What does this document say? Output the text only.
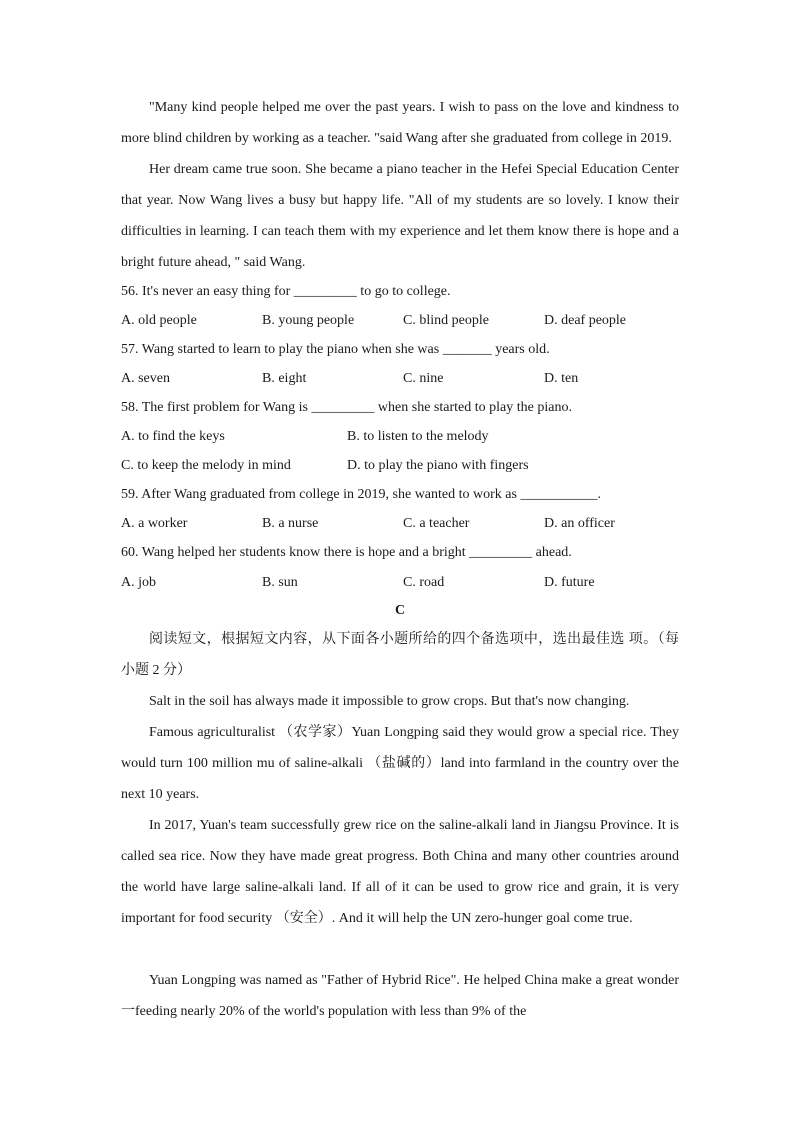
"Many kind people helped me over the past years. I wish to pass on the love and kindness to more blind children by working as a teacher. "said Wang after she graduated from college in 2019.

Her dream came true soon. She became a piano teacher in the Hefei Special Education Center that year. Now Wang lives a busy but happy life. "All of my students are so lovely. I know their difficulties in learning. I can teach them with my experience and let them know there is hope and a bright future ahead, " said Wang.

56. It's never an easy thing for _________ to go to college.
A. old people	B. young people	C. blind people	D. deaf people
57. Wang started to learn to play the piano when she was _______ years old.
A. seven	B. eight	C. nine	D. ten
58. The first problem for Wang is _________ when she started to play the piano.
A. to find the keys	B. to listen to the melody
C. to keep the melody in mind	D. to play the piano with fingers
59. After Wang graduated from college in 2019, she wanted to work as ___________.
A. a worker	B. a nurse	C. a teacher	D. an officer
60. Wang helped her students know there is hope and a bright _________ ahead.
A. job	B. sun	C. road	D. future
C
阅读短文，根据短文内容，从下面各小题所给的四个备选项中，选出最佳选 项。（每
小题 2 分）

Salt in the soil has always made it impossible to grow crops. But that's now changing.

Famous agriculturalist （农学家）Yuan Longping said they would grow a special rice. They would turn 100 million mu of saline-alkali （盐碱的）land into farmland in the country over the next 10 years.

In 2017, Yuan's team successfully grew rice on the saline-alkali land in Jiangsu Province. It is called sea rice. Now they have made great progress. Both China and many other countries around the world have large saline-alkali land. If all of it can be used to grow rice and grain, it is very important for food security （安全）. And it will help the UN zero-hunger goal come true.

Yuan Longping was named as "Father of Hybrid Rice". He helped China make a great wonder一feeding nearly 20% of the world's population with less than 9% of the
